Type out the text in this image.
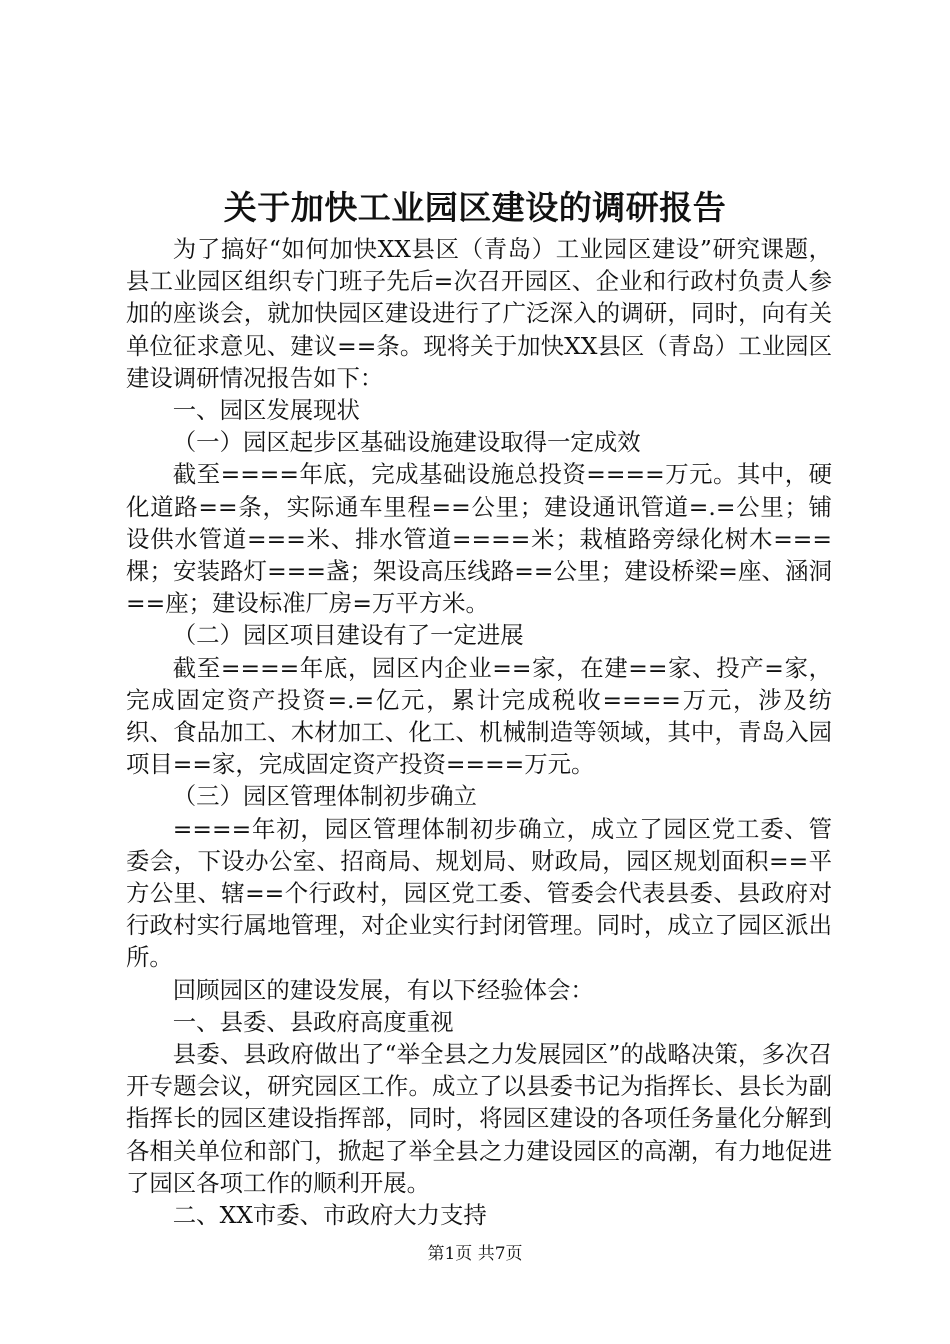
关于加快工业园区建设的调研报告

为了搞好“如何加快XX县区（青岛）工业园区建设”研究课题，县工业园区组织专门班子先后=次召开园区、企业和行政村负责人参加的座谈会，就加快园区建设进行了广泛深入的调研，同时，向有关单位征求意见、建议==条。现将关于加快XX县区（青岛）工业园区建设调研情况报告如下：

一、园区发展现状

（一）园区起步区基础设施建设取得一定成效

截至====年底，完成基础设施总投资====万元。其中，硬化道路==条，实际通车里程==公里；建设通讯管道=.=公里；铺设供水管道===米、排水管道====米；栽植路旁绿化树木===棵；安装路灯===盏；架设高压线路==公里；建设桥梁=座、涵洞==座；建设标准厂房=万平方米。

（二）园区项目建设有了一定进展

截至====年底，园区内企业==家，在建==家、投产=家，完成固定资产投资=.=亿元，累计完成税收====万元，涉及纺织、食品加工、木材加工、化工、机械制造等领域，其中，青岛入园项目==家，完成固定资产投资====万元。

（三）园区管理体制初步确立

====年初，园区管理体制初步确立，成立了园区党工委、管委会，下设办公室、招商局、规划局、财政局，园区规划面积==平方公里、辖==个行政村，园区党工委、管委会代表县委、县政府对行政村实行属地管理，对企业实行封闭管理。同时，成立了园区派出所。

回顾园区的建设发展，有以下经验体会：

一、县委、县政府高度重视

县委、县政府做出了“举全县之力发展园区”的战略决策，多次召开专题会议，研究园区工作。成立了以县委书记为指挥长、县长为副指挥长的园区建设指挥部，同时，将园区建设的各项任务量化分解到各相关单位和部门，掀起了举全县之力建设园区的高潮，有力地促进了园区各项工作的顺利开展。

二、XX市委、市政府大力支持

第1页 共7页
